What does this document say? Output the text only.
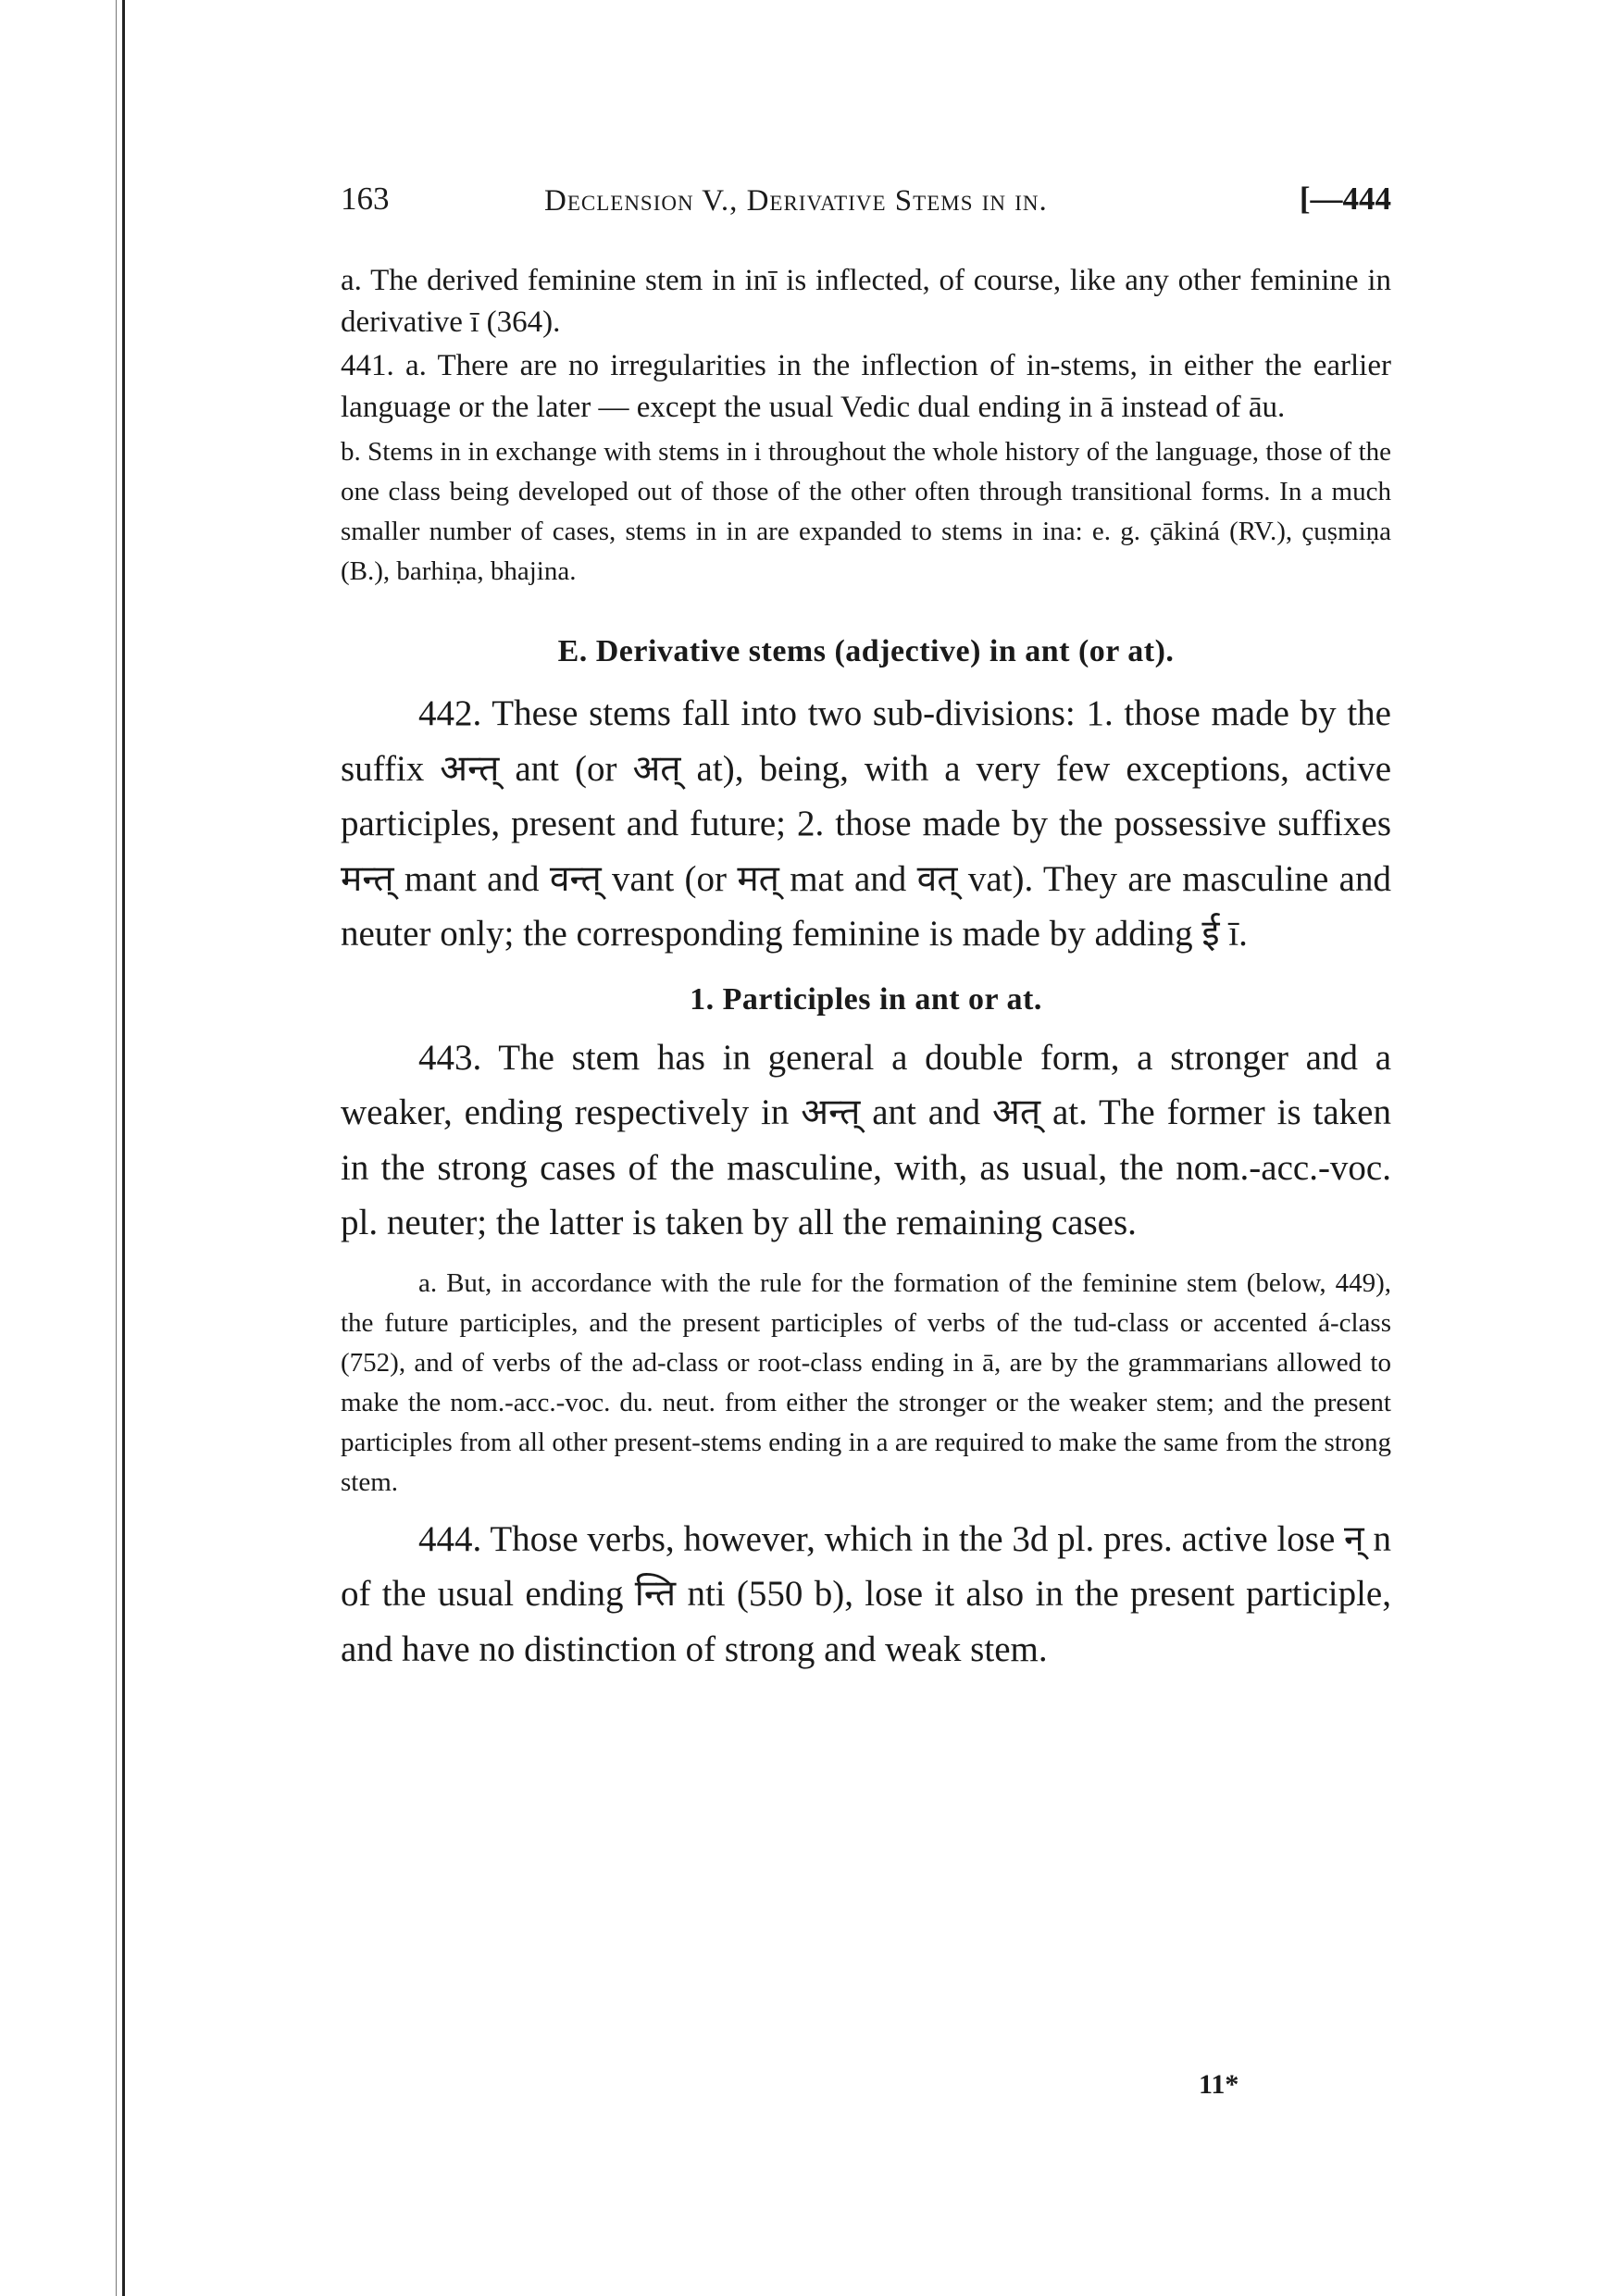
163	Declension V., Derivative Stems in in.	[—444

a. The derived feminine stem in inī is inflected, of course, like any other feminine in derivative ī (364).

441. a. There are no irregularities in the inflection of in-stems, in either the earlier language or the later — except the usual Vedic dual ending in ā instead of āu.

b. Stems in in exchange with stems in i throughout the whole history of the language, those of the one class being developed out of those of the other often through transitional forms. In a much smaller number of cases, stems in in are expanded to stems in ina: e. g. çākiná (RV.), çuṣmiṇa (B.), barhiṇa, bhajina.

E. Derivative stems (adjective) in ant (or at).

442. These stems fall into two sub-divisions: 1. those made by the suffix अन्त् ant (or अत् at), being, with a very few exceptions, active participles, present and future; 2. those made by the possessive suffixes मन्त् mant and वन्त् vant (or मत् mat and वत् vat). They are masculine and neuter only; the corresponding feminine is made by adding ई ī.

1. Participles in ant or at.

443. The stem has in general a double form, a stronger and a weaker, ending respectively in अन्त् ant and अत् at. The former is taken in the strong cases of the masculine, with, as usual, the nom.-acc.-voc. pl. neuter; the latter is taken by all the remaining cases.

a. But, in accordance with the rule for the formation of the feminine stem (below, 449), the future participles, and the present participles of verbs of the tud-class or accented á-class (752), and of verbs of the ad-class or root-class ending in ā, are by the grammarians allowed to make the nom.-acc.-voc. du. neut. from either the stronger or the weaker stem; and the present participles from all other present-stems ending in a are required to make the same from the strong stem.

444. Those verbs, however, which in the 3d pl. pres. active lose न् n of the usual ending न्ति nti (550 b), lose it also in the present participle, and have no distinction of strong and weak stem.

11*
